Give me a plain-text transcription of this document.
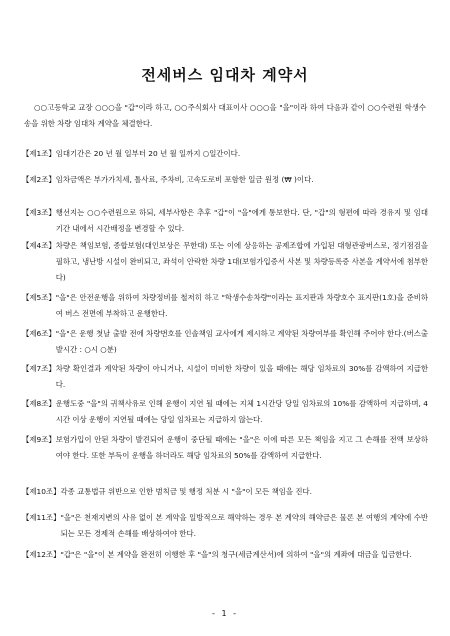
전세버스 임대차 계약서
○○고등학교 교장 ○○○을 "갑"이라 하고, ○○주식회사 대표이사 ○○○을 "을"이라 하여 다음과 같이 ○○수련원 학생수송을 위한 차량 임대차 계약을 체결한다.
【제1조】 임대기간은 20 년 월 일부터 20 년 월 일까지 ○일간이다.
【제2조】 임차금액은 부가가치세, 톨사료, 주차비, 고속도로비 포함한 일금 원정 (₩ )이다.
【제3조】 행선지는 ○○수련원으로 하되, 세부사항은 추후 "갑"이 "을"에게 통보한다. 단, "갑"의 형편에 따라 경유지 및 임대기간 내에서 시간배정을 변경할 수 있다.
【제4조】 차량은 책임보험, 종합보험(대인보상은 무한대) 또는 이에 상응하는 공제조합에 가입된 대형관광버스로, 정기점검을 필하고, 냉난방 시설이 완비되고, 좌석이 안락한 차량 1대(보험가입증서 사본 및 차량등록증 사본을 계약서에 첨부한다)
【제5조】 "을"은 안전운행을 위하여 차량정비를 철저히 하고 "학생수송차량"이라는 표지판과 차량호수 표지판(1호)을 준비하여 버스 전면에 부착하고 운행한다.
【제6조】 "을"은 운행 첫날 출발 전에 차량번호를 인솔책임 교사에게 제시하고 계약된 차량여부를 확인해 주어야 한다.(버스출발시간 : ○시 ○분)
【제7조】 차량 확인결과 계약된 차량이 아니거나, 시설이 미비한 차량이 있을 때에는 해당 임차료의 30%를 감액하여 지급한다.
【제8조】 운행도중 "을"의 귀책사유로 인해 운행이 지연 될 때에는 지체 1시간당 당일 임차료의 10%를 감액하여 지급하며, 4시간 이상 운행이 지연될 때에는 당일 임차료는 지급하지 않는다.
【제9조】 보험가입이 안된 차량이 발견되어 운행이 중단될 때에는 "을"은 이에 따른 모든 책임을 지고 그 손해를 전액 보상하여야 한다. 또한 부득이 운행을 하더라도 해당 임차료의 50%를 감액하여 지급한다.
【제10조】 각종 교통법규 위반으로 인한 범칙금 및 행정 처분 시 "을"이 모든 책임을 진다.
【제11조】 "을"은 천재지변의 사유 없이 본 계약을 일방적으로 해약하는 경우 본 계약의 해약금은 물론 본 여행의 계약에 수반되는 모든 경제적 손해를 배상하여야 한다.
【제12조】 "갑"은 "을"이 본 계약을 완전히 이행한 후 "을"의 청구(세금계산서)에 의하여 "을"의 계좌에 대금을 입금한다.
- 1 -
